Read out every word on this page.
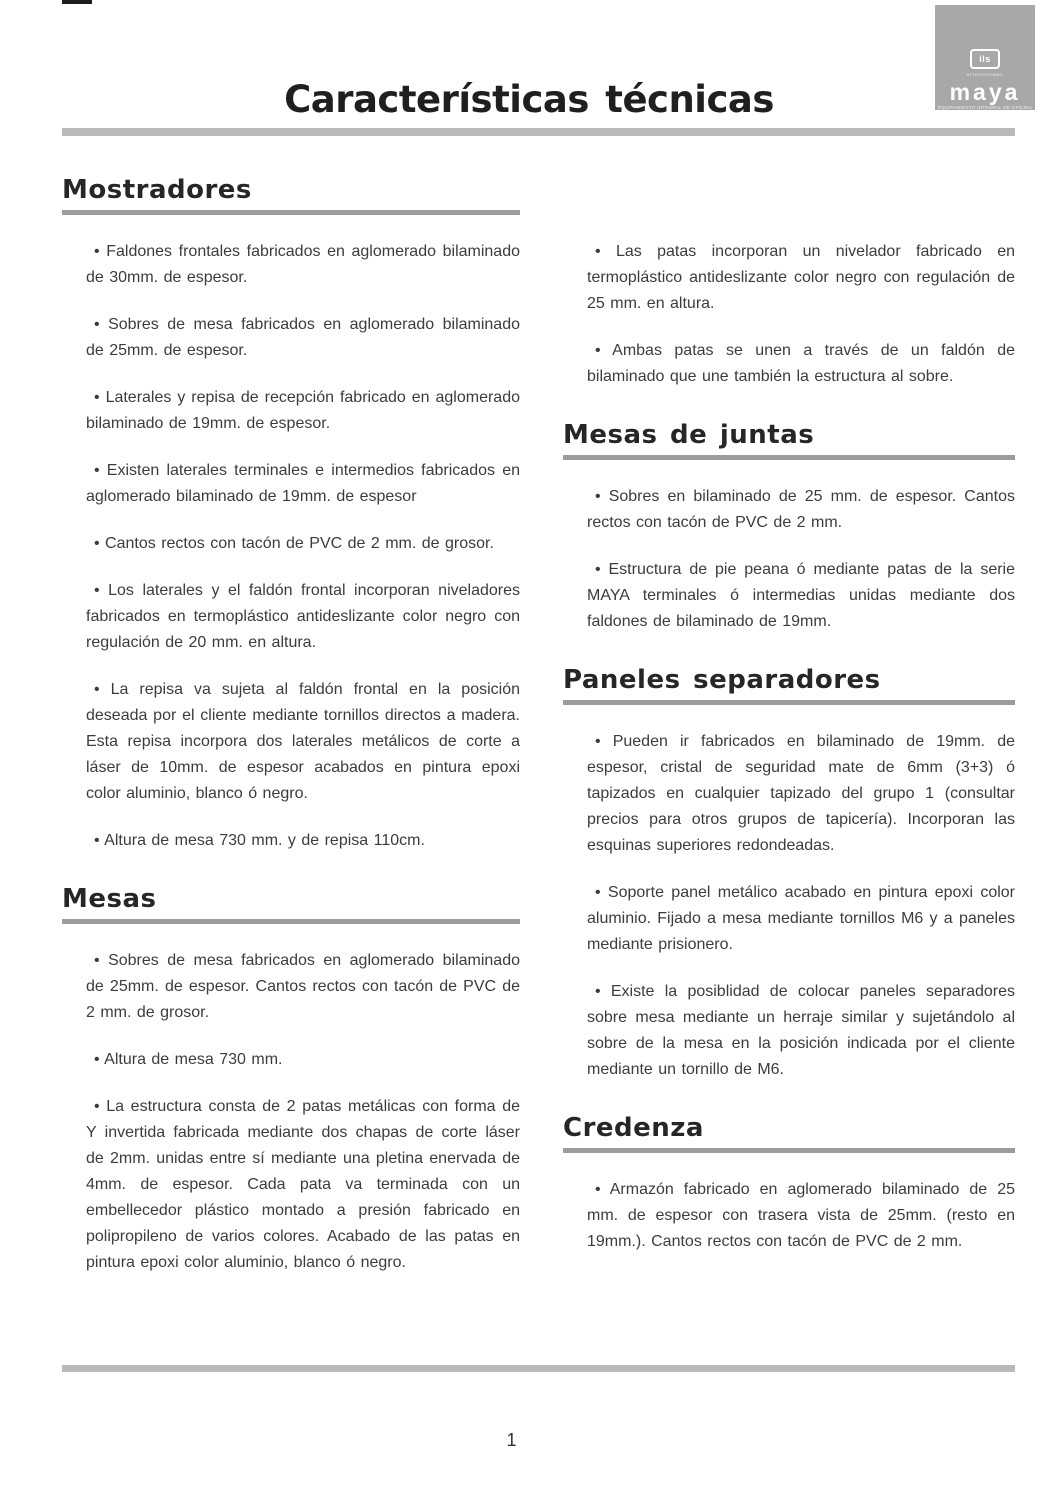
ils
INTERIORISMO
maya
EQUIPAMIENTO INTEGRAL DE OFICINA
Características técnicas
Mostradores

• Faldones frontales fabricados en aglomerado bilaminado de 30mm. de espesor.

• Sobres de mesa fabricados en aglomerado bilaminado de 25mm. de espesor.

• Laterales y repisa de recepción fabricado en aglomerado bilaminado de 19mm. de espesor.

• Existen laterales terminales e intermedios fabricados en aglomerado bilaminado de 19mm. de espesor

• Cantos rectos con tacón de PVC de 2 mm. de grosor.

• Los laterales y el faldón frontal incorporan niveladores fabricados en termoplástico antideslizante color negro con regulación de 20 mm. en altura.

• La repisa va sujeta al faldón frontal en la posición deseada por el cliente mediante tornillos directos a madera. Esta repisa incorpora dos laterales metálicos de corte a láser de 10mm. de espesor acabados en pintura epoxi color aluminio, blanco ó negro.

• Altura de mesa 730 mm. y de repisa 110cm.

Mesas

• Sobres de mesa fabricados en aglomerado bilaminado de 25mm. de espesor. Cantos rectos con tacón de PVC de 2 mm. de grosor.

• Altura de mesa 730 mm.

• La estructura consta de 2 patas metálicas con forma de Y invertida fabricada mediante dos chapas de corte láser de 2mm. unidas entre sí mediante una pletina enervada de 4mm. de espesor. Cada pata va terminada con un embellecedor plástico montado a presión fabricado en polipropileno de varios colores. Acabado de las patas en pintura epoxi color aluminio, blanco ó negro.

• Las patas incorporan un nivelador fabricado en termoplástico antideslizante color negro con regulación de 25 mm. en altura.

• Ambas patas se unen a través de un faldón de bilaminado que une también la estructura al sobre.

Mesas de juntas

• Sobres en bilaminado de 25 mm. de espesor. Cantos rectos con tacón de PVC de 2 mm.

• Estructura de pie peana ó mediante patas de la serie MAYA terminales ó intermedias unidas mediante dos faldones de bilaminado de 19mm.

Paneles separadores

• Pueden ir fabricados en bilaminado de 19mm. de espesor, cristal de seguridad mate de 6mm (3+3) ó tapizados en cualquier tapizado del grupo 1 (consultar precios para otros grupos de tapicería). Incorporan las esquinas superiores redondeadas.

• Soporte panel metálico acabado en pintura epoxi color aluminio. Fijado a mesa mediante tornillos M6 y a paneles mediante prisionero.

• Existe la posiblidad de colocar paneles separadores sobre mesa mediante un herraje similar y sujetándolo al sobre de la mesa en la posición indicada por el cliente mediante un tornillo de M6.

Credenza

• Armazón fabricado en aglomerado bilaminado de 25 mm. de espesor con trasera vista de 25mm. (resto en 19mm.). Cantos rectos con tacón de PVC de 2 mm.

1
